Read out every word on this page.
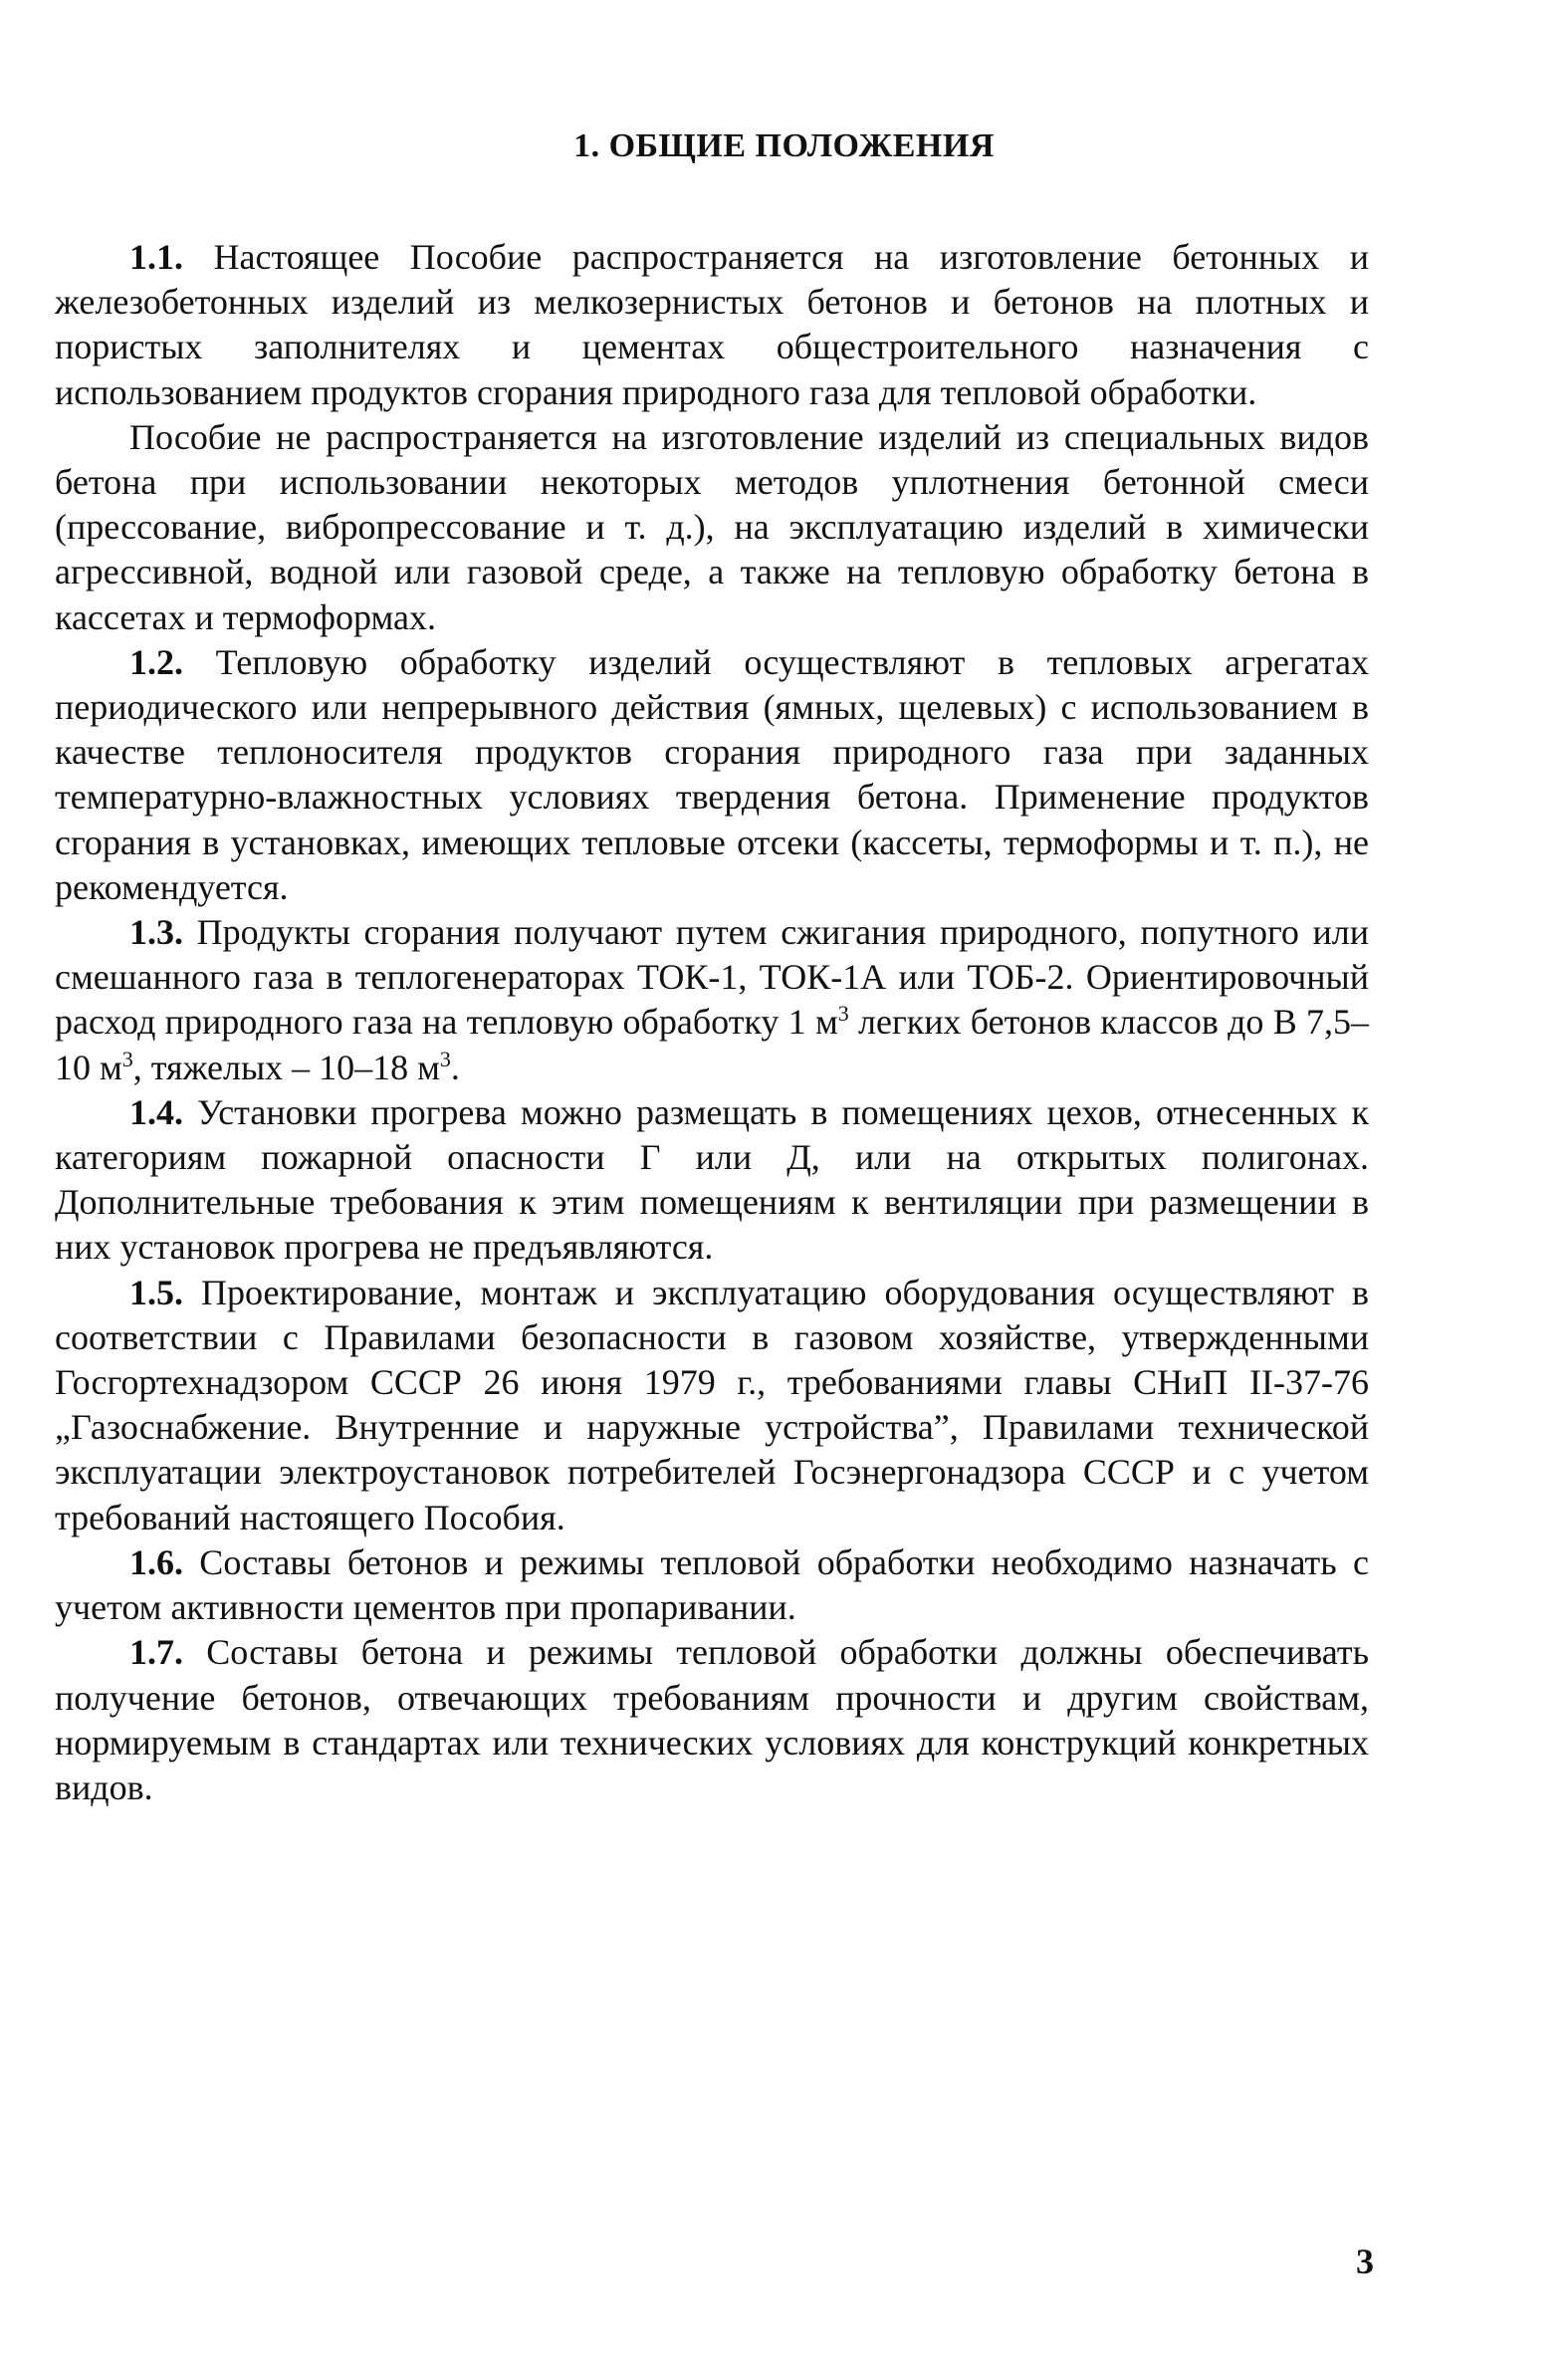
1. ОБЩИЕ ПОЛОЖЕНИЯ

1.1. Настоящее Пособие распространяется на изготовление бетонных и железобетонных изделий из мелкозернистых бетонов и бетонов на плотных и пористых заполнителях и цементах общестроительного назначения с использованием продуктов сгорания природного газа для тепловой обработки.

Пособие не распространяется на изготовление изделий из специальных видов бетона при использовании некоторых методов уплотнения бетонной смеси (прессование, вибропрессование и т. д.), на эксплуатацию изделий в химически агрессивной, водной или газовой среде, а также на тепловую обработку бетона в кассетах и термоформах.

1.2. Тепловую обработку изделий осуществляют в тепловых агрегатах периодического или непрерывного действия (ямных, щелевых) с использованием в качестве теплоносителя продуктов сгорания природного газа при заданных температурно-влажностных условиях твердения бетона. Применение продуктов сгорания в установках, имеющих тепловые отсеки (кассеты, термоформы и т. п.), не рекомендуется.

1.3. Продукты сгорания получают путем сжигания природного, попутного или смешанного газа в теплогенераторах ТОК-1, ТОК-1А или ТОБ-2. Ориентировочный расход природного газа на тепловую обработку 1 $м^3$ легких бетонов классов до В 7,5–10 $м^3$, тяжелых – 10–18 $м^3$.

1.4. Установки прогрева можно размещать в помещениях цехов, отнесенных к категориям пожарной опасности Г или Д, или на открытых полигонах. Дополнительные требования к этим помещениям к вентиляции при размещении в них установок прогрева не предъявляются.

1.5. Проектирование, монтаж и эксплуатацию оборудования осуществляют в соответствии с Правилами безопасности в газовом хозяйстве, утвержденными Госгортехнадзором СССР 26 июня 1979 г., требованиями главы СНиП II-37-76 „Газоснабжение. Внутренние и наружные устройства”, Правилами технической эксплуатации электроустановок потребителей Госэнергонадзора СССР и с учетом требований настоящего Пособия.

1.6. Составы бетонов и режимы тепловой обработки необходимо назначать с учетом активности цементов при пропаривании.

1.7. Составы бетона и режимы тепловой обработки должны обеспечивать получение бетонов, отвечающих требованиям прочности и другим свойствам, нормируемым в стандартах или технических условиях для конструкций конкретных видов.

3
